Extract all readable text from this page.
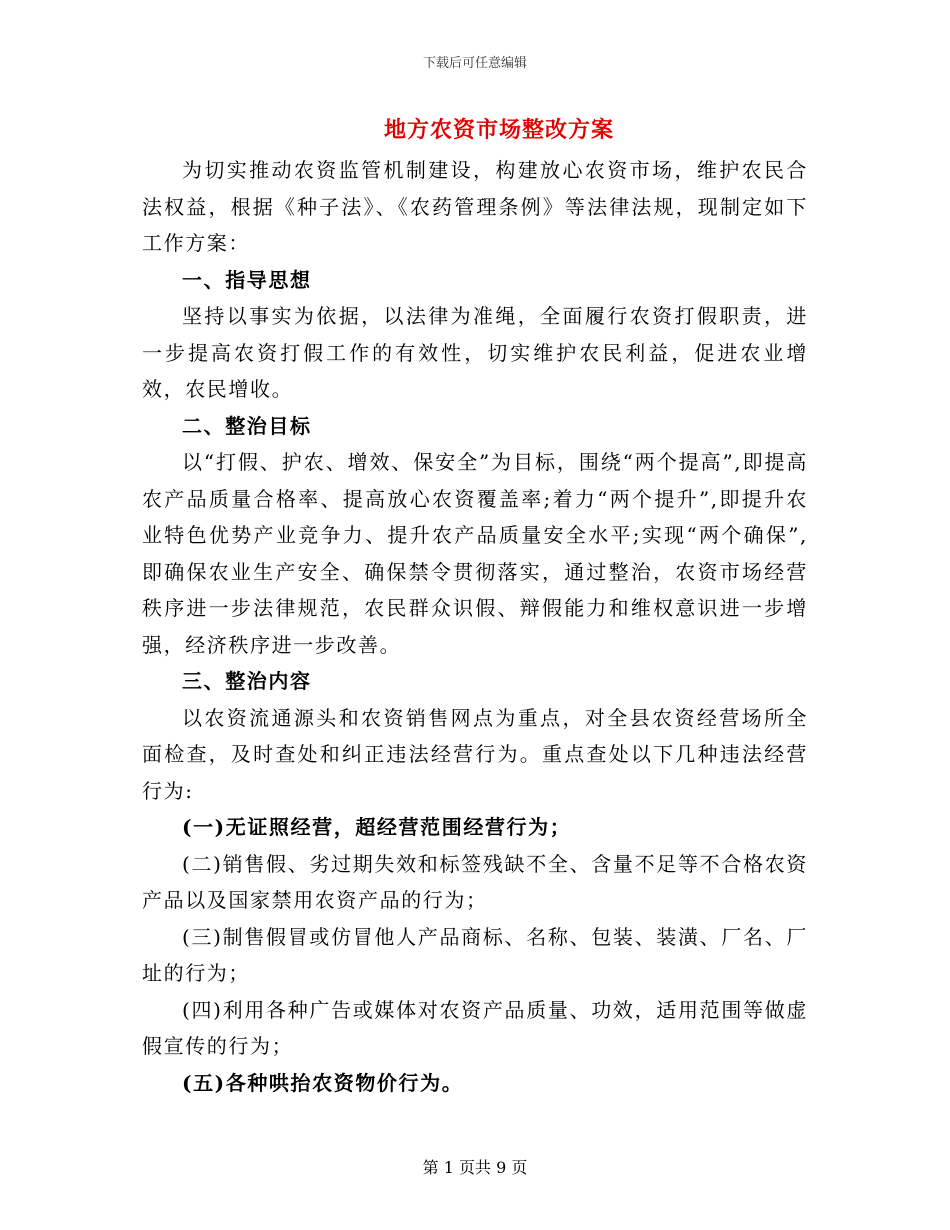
下载后可任意编辑
地方农资市场整改方案

为切实推动农资监管机制建设，构建放心农资市场，维护农民合法权益，根据《种子法》、《农药管理条例》等法律法规，现制定如下工作方案：

一、指导思想

坚持以事实为依据，以法律为准绳，全面履行农资打假职责，进一步提高农资打假工作的有效性，切实维护农民利益，促进农业增效，农民增收。

二、整治目标

以“打假、护农、增效、保安全”为目标，围绕“两个提高”,即提高农产品质量合格率、提高放心农资覆盖率;着力“两个提升”,即提升农业特色优势产业竞争力、提升农产品质量安全水平;实现“两个确保”,即确保农业生产安全、确保禁令贯彻落实，通过整治，农资市场经营秩序进一步法律规范，农民群众识假、辩假能力和维权意识进一步增强，经济秩序进一步改善。

三、整治内容

以农资流通源头和农资销售网点为重点，对全县农资经营场所全面检查，及时查处和纠正违法经营行为。重点查处以下几种违法经营行为:

(一)无证照经营，超经营范围经营行为；

(二)销售假、劣过期失效和标签残缺不全、含量不足等不合格农资产品以及国家禁用农资产品的行为；

(三)制售假冒或仿冒他人产品商标、名称、包装、装潢、厂名、厂址的行为；

(四)利用各种广告或媒体对农资产品质量、功效，适用范围等做虚假宣传的行为；

(五)各种哄抬农资物价行为。

第 1 页共 9 页
